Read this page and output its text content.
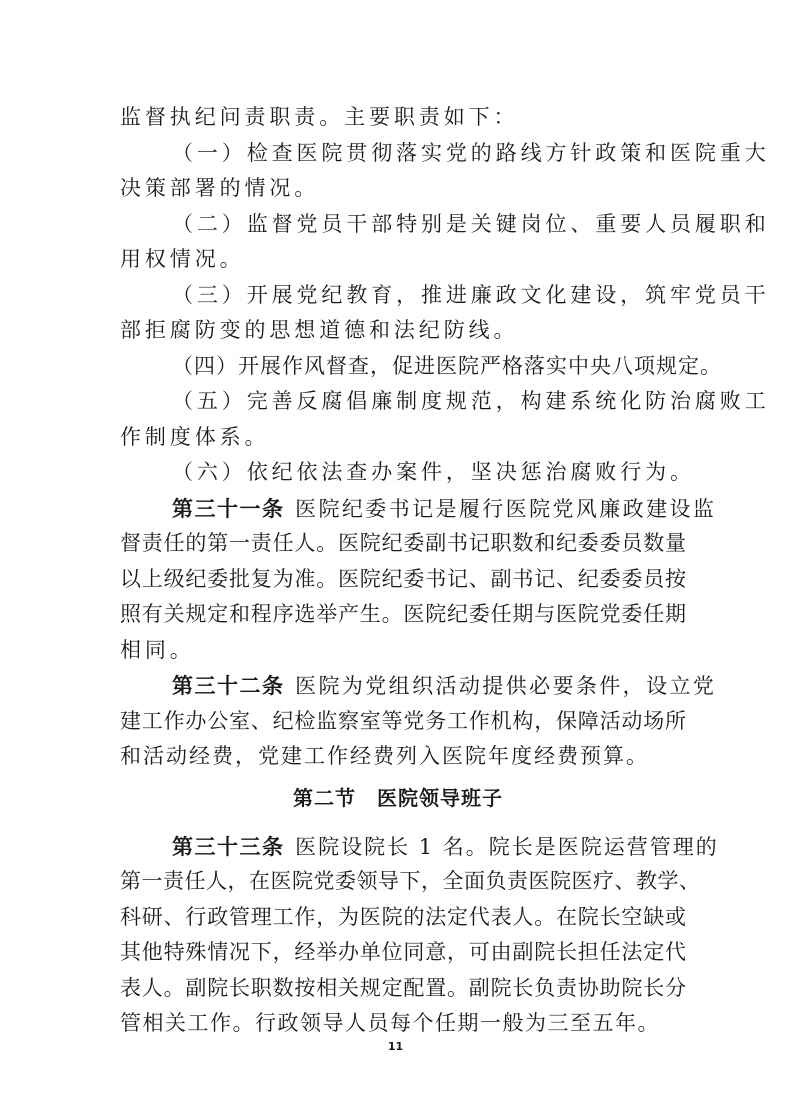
监督执纪问责职责。主要职责如下：
（一）检查医院贯彻落实党的路线方针政策和医院重大
决策部署的情况。
（二）监督党员干部特别是关键岗位、重要人员履职和
用权情况。
（三）开展党纪教育，推进廉政文化建设，筑牢党员干
部拒腐防变的思想道德和法纪防线。
（四）开展作风督查，促进医院严格落实中央八项规定。
（五）完善反腐倡廉制度规范，构建系统化防治腐败工
作制度体系。
（六）依纪依法查办案件，坚决惩治腐败行为。
第三十一条 医院纪委书记是履行医院党风廉政建设监
督责任的第一责任人。医院纪委副书记职数和纪委委员数量
以上级纪委批复为准。医院纪委书记、副书记、纪委委员按
照有关规定和程序选举产生。医院纪委任期与医院党委任期
相同。
第三十二条 医院为党组织活动提供必要条件，设立党
建工作办公室、纪检监察室等党务工作机构，保障活动场所
和活动经费，党建工作经费列入医院年度经费预算。
第二节　医院领导班子
第三十三条 医院设院长 1 名。院长是医院运营管理的
第一责任人，在医院党委领导下，全面负责医院医疗、教学、
科研、行政管理工作，为医院的法定代表人。在院长空缺或
其他特殊情况下，经举办单位同意，可由副院长担任法定代
表人。副院长职数按相关规定配置。副院长负责协助院长分
管相关工作。行政领导人员每个任期一般为三至五年。
11
